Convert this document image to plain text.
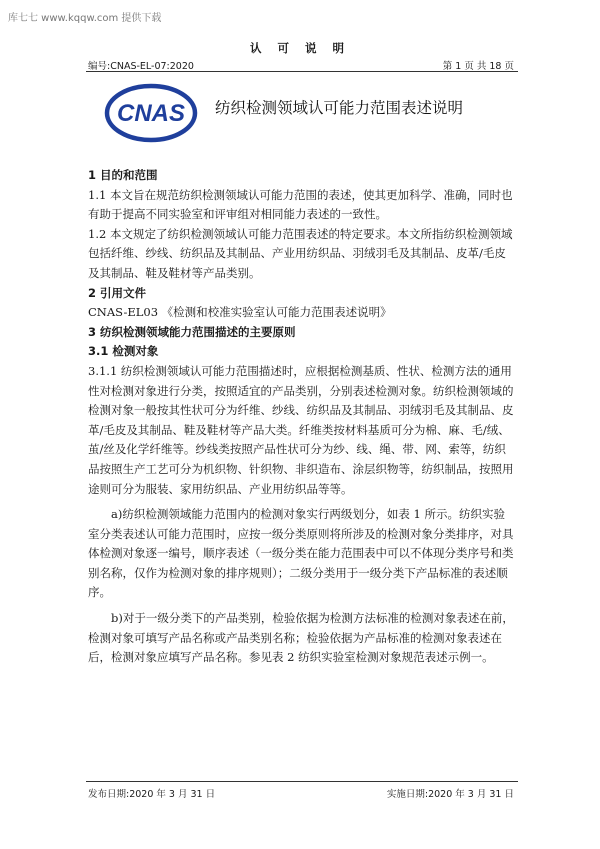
库七七 www.kqqw.com 提供下载
认 可 说 明
编号:CNAS-EL-07:2020	第 1 页 共 18 页
CNAS 纺织检测领域认可能力范围表述说明

1 目的和范围

1.1 本文旨在规范纺织检测领域认可能力范围的表述，使其更加科学、准确，同时也有助于提高不同实验室和评审组对相同能力表述的一致性。

1.2 本文规定了纺织检测领域认可能力范围表述的特定要求。本文所指纺织检测领域包括纤维、纱线、纺织品及其制品、产业用纺织品、羽绒羽毛及其制品、皮革/毛皮及其制品、鞋及鞋材等产品类别。

2 引用文件

CNAS-EL03 《检测和校准实验室认可能力范围表述说明》

3 纺织检测领域能力范围描述的主要原则

3.1 检测对象

3.1.1 纺织检测领域认可能力范围描述时，应根据检测基质、性状、检测方法的通用性对检测对象进行分类，按照适宜的产品类别，分别表述检测对象。纺织检测领域的检测对象一般按其性状可分为纤维、纱线、纺织品及其制品、羽绒羽毛及其制品、皮革/毛皮及其制品、鞋及鞋材等产品大类。纤维类按材料基质可分为棉、麻、毛/绒、茧/丝及化学纤维等。纱线类按照产品性状可分为纱、线、绳、带、网、索等，纺织品按照生产工艺可分为机织物、针织物、非织造布、涂层织物等，纺织制品，按照用途则可分为服装、家用纺织品、产业用纺织品等等。

a)纺织检测领域能力范围内的检测对象实行两级划分，如表 1 所示。纺织实验室分类表述认可能力范围时，应按一级分类原则将所涉及的检测对象分类排序，对具体检测对象逐一编号，顺序表述（一级分类在能力范围表中可以不体现分类序号和类别名称，仅作为检测对象的排序规则）；二级分类用于一级分类下产品标准的表述顺序。

b)对于一级分类下的产品类别，检验依据为检测方法标准的检测对象表述在前，检测对象可填写产品名称或产品类别名称；检验依据为产品标准的检测对象表述在后，检测对象应填写产品名称。参见表 2 纺织实验室检测对象规范表述示例一。

发布日期:2020 年 3 月 31 日	实施日期:2020 年 3 月 31 日
